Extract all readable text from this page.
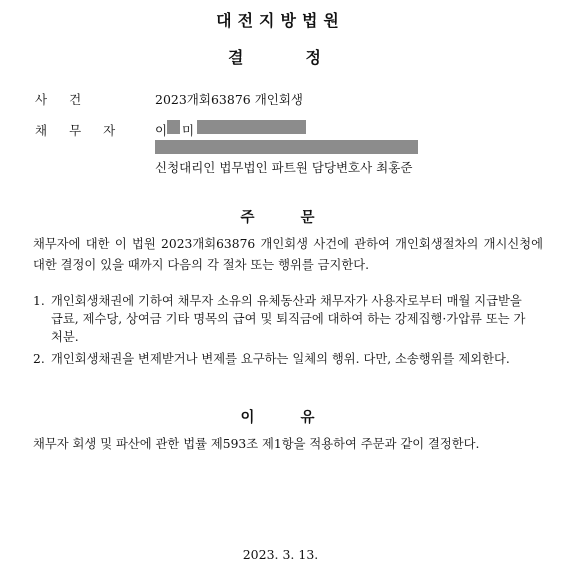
대전지방법원
결정
사건	2023개회63876 개인회생
채무자 이 미
신청대리인 법무법인 파트원 담당변호사 최홍준
주문
채무자에 대한 이 법원 2023개회63876 개인회생 사건에 관하여 개인회생절차의 개시신청에 대한 결정이 있을 때까지 다음의 각 절차 또는 행위를 금지한다.
1. 개인회생채권에 기하여 채무자 소유의 유체동산과 채무자가 사용자로부터 매월 지급받을 급료, 제수당, 상여금 기타 명목의 급여 및 퇴직금에 대하여 하는 강제집행·가압류 또는 가처분.
2. 개인회생채권을 변제받거나 변제를 요구하는 일체의 행위. 다만, 소송행위를 제외한다.
이유
채무자 회생 및 파산에 관한 법률 제593조 제1항을 적용하여 주문과 같이 결정한다.
2023. 3. 13.
